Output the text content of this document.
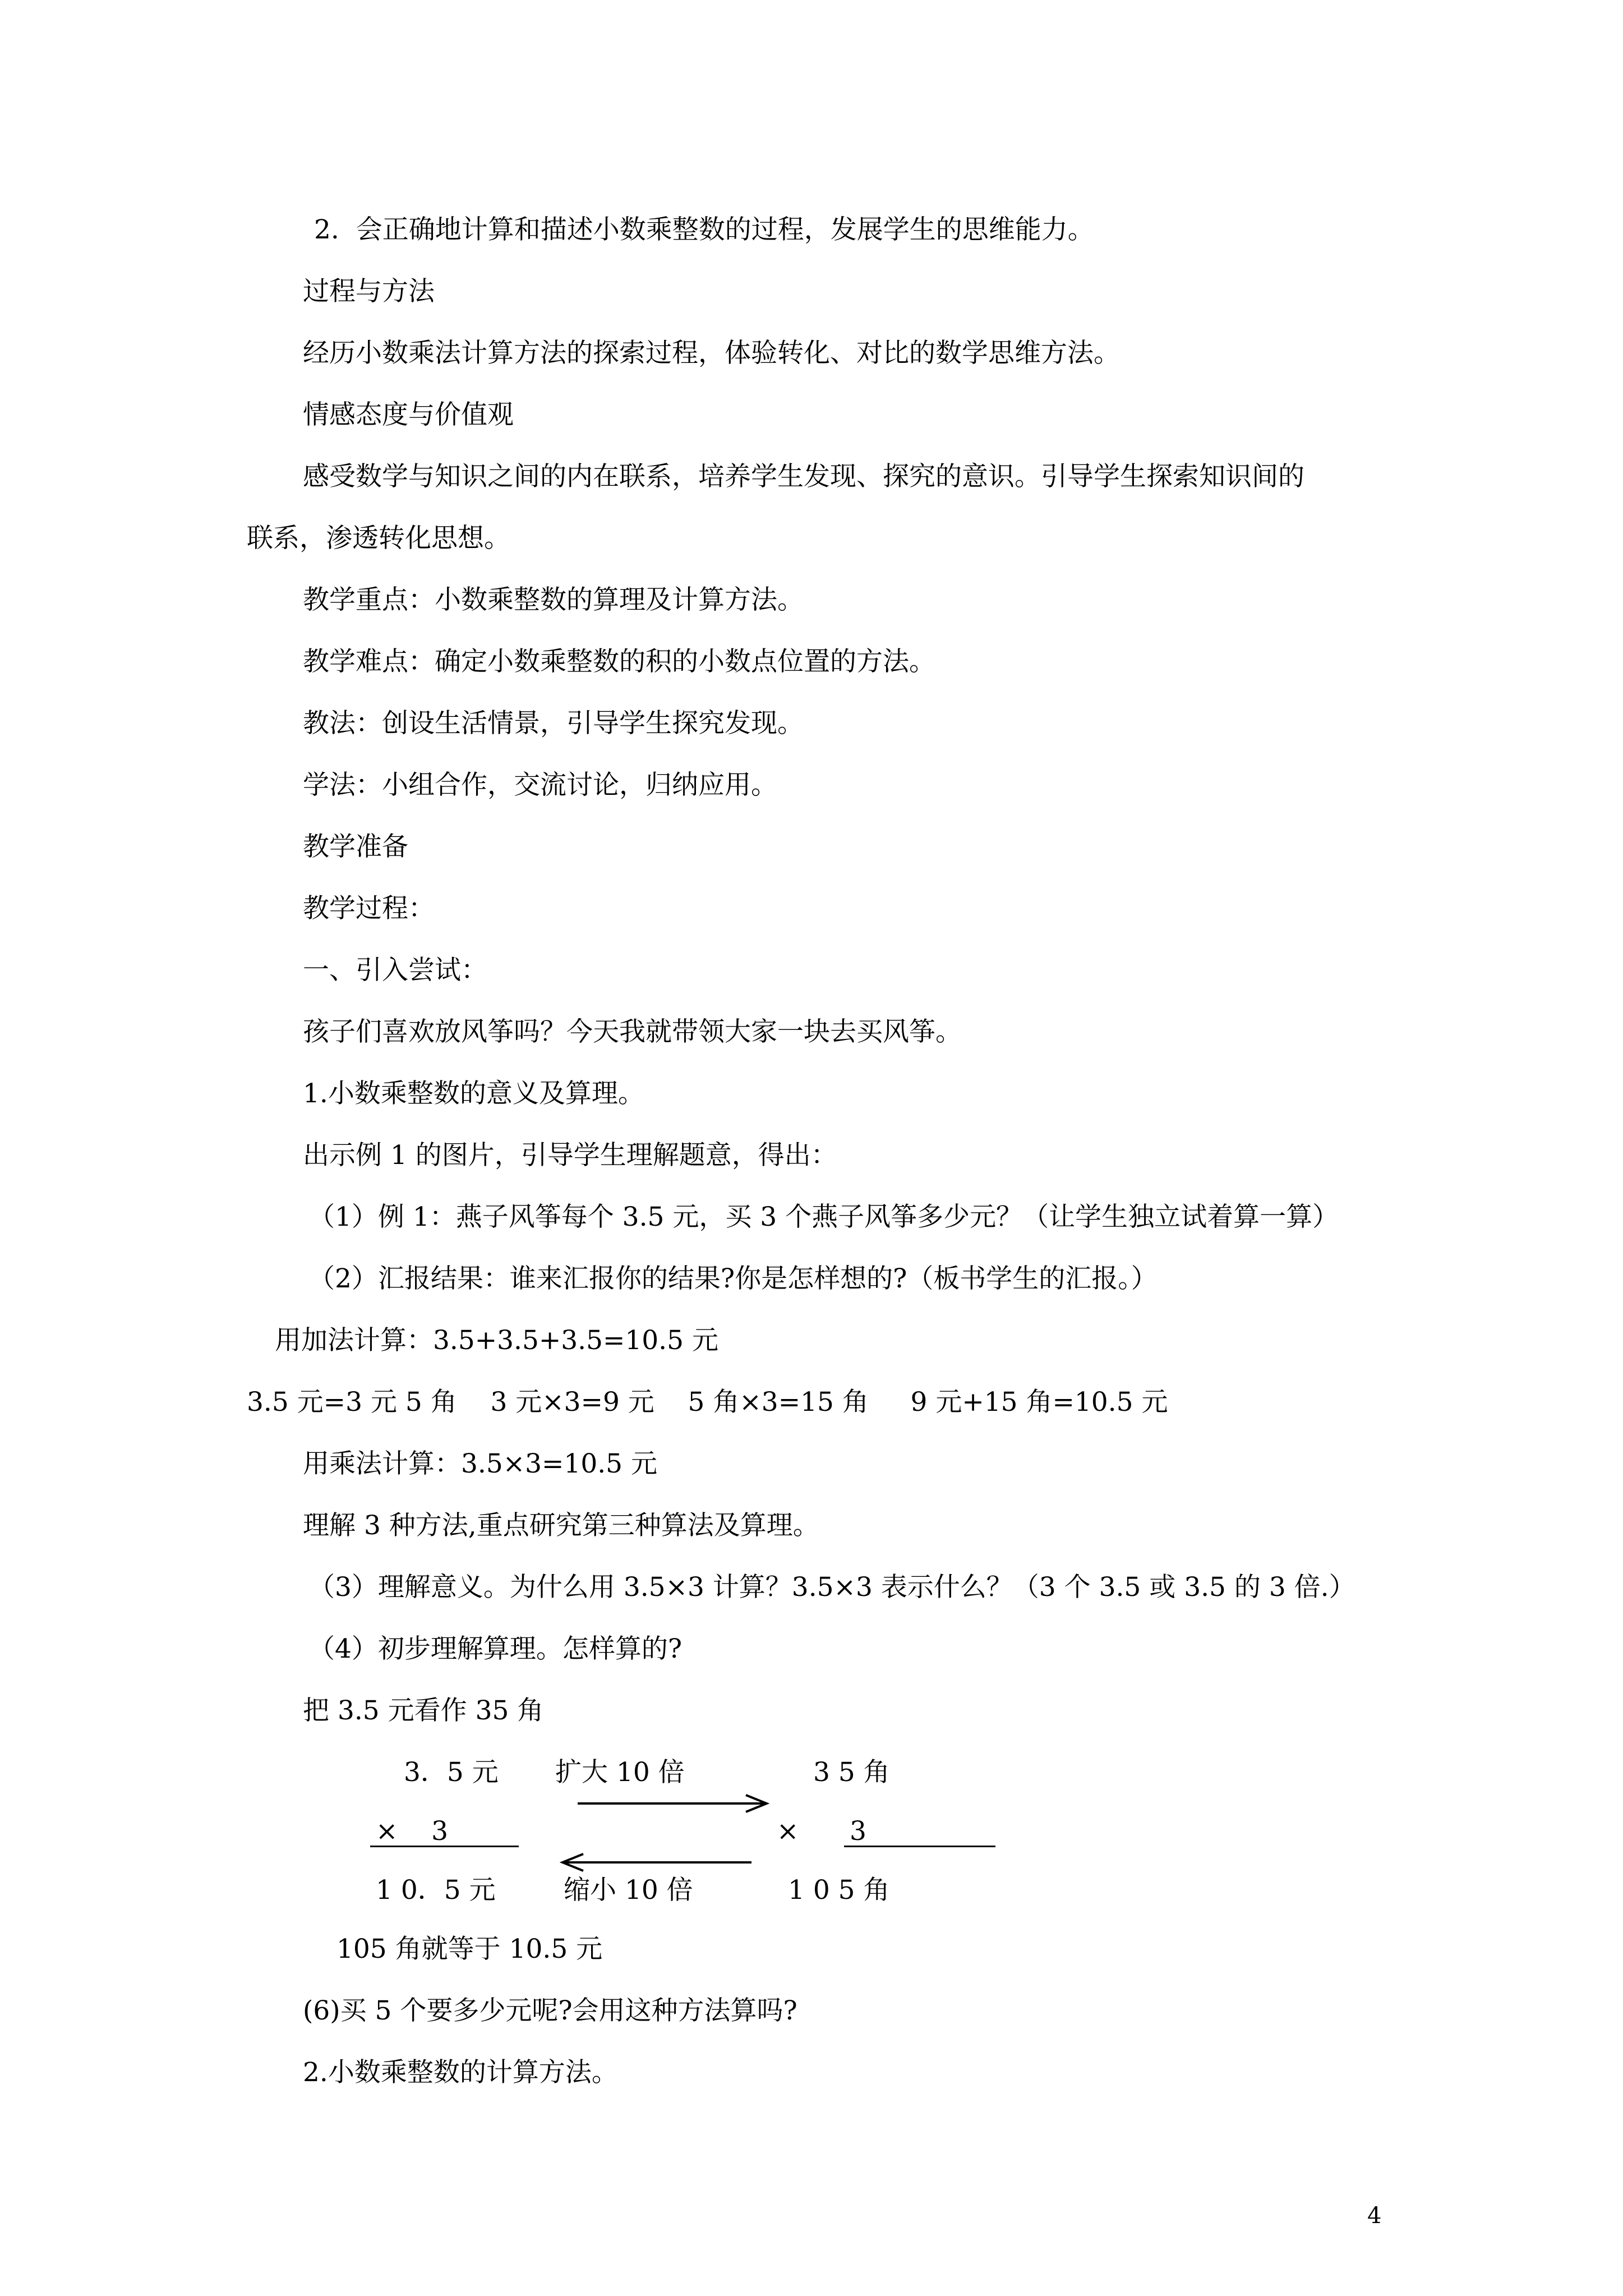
2.  会正确地计算和描述小数乘整数的过程，发展学生的思维能力。

过程与方法

经历小数乘法计算方法的探索过程，体验转化、对比的数学思维方法。

情感态度与价值观

感受数学与知识之间的内在联系，培养学生发现、探究的意识。引导学生探索知识间的

联系，渗透转化思想。

教学重点：小数乘整数的算理及计算方法。

教学难点：确定小数乘整数的积的小数点位置的方法。

教法：创设生活情景，引导学生探究发现。

学法：小组合作，交流讨论，归纳应用。

教学准备

教学过程：

一、引入尝试：

孩子们喜欢放风筝吗？今天我就带领大家一块去买风筝。

1.小数乘整数的意义及算理。

出示例 1 的图片，引导学生理解题意，得出：

（1）例 1：燕子风筝每个 3.5 元，买 3 个燕子风筝多少元？（让学生独立试着算一算）

（2）汇报结果：谁来汇报你的结果?你是怎样想的?（板书学生的汇报。）

用加法计算：3.5+3.5+3.5=10.5 元

3.5 元=3 元 5 角    3 元×3=9 元    5 角×3=15 角     9 元+15 角=10.5 元

用乘法计算：3.5×3=10.5 元

理解 3 种方法,重点研究第三种算法及算理。

（3）理解意义。为什么用 3.5×3 计算？3.5×3 表示什么？（3 个 3.5 或 3.5 的 3 倍.）

（4）初步理解算理。怎样算的?

把 3.5 元看作 35 角

3．5 元 扩大 10 倍	3 5 角

×    3	× 3

1 0．5 元	缩小 10 倍	1 0 5 角

105 角就等于 10.5 元

(6)买 5 个要多少元呢?会用这种方法算吗?

2.小数乘整数的计算方法。

4
